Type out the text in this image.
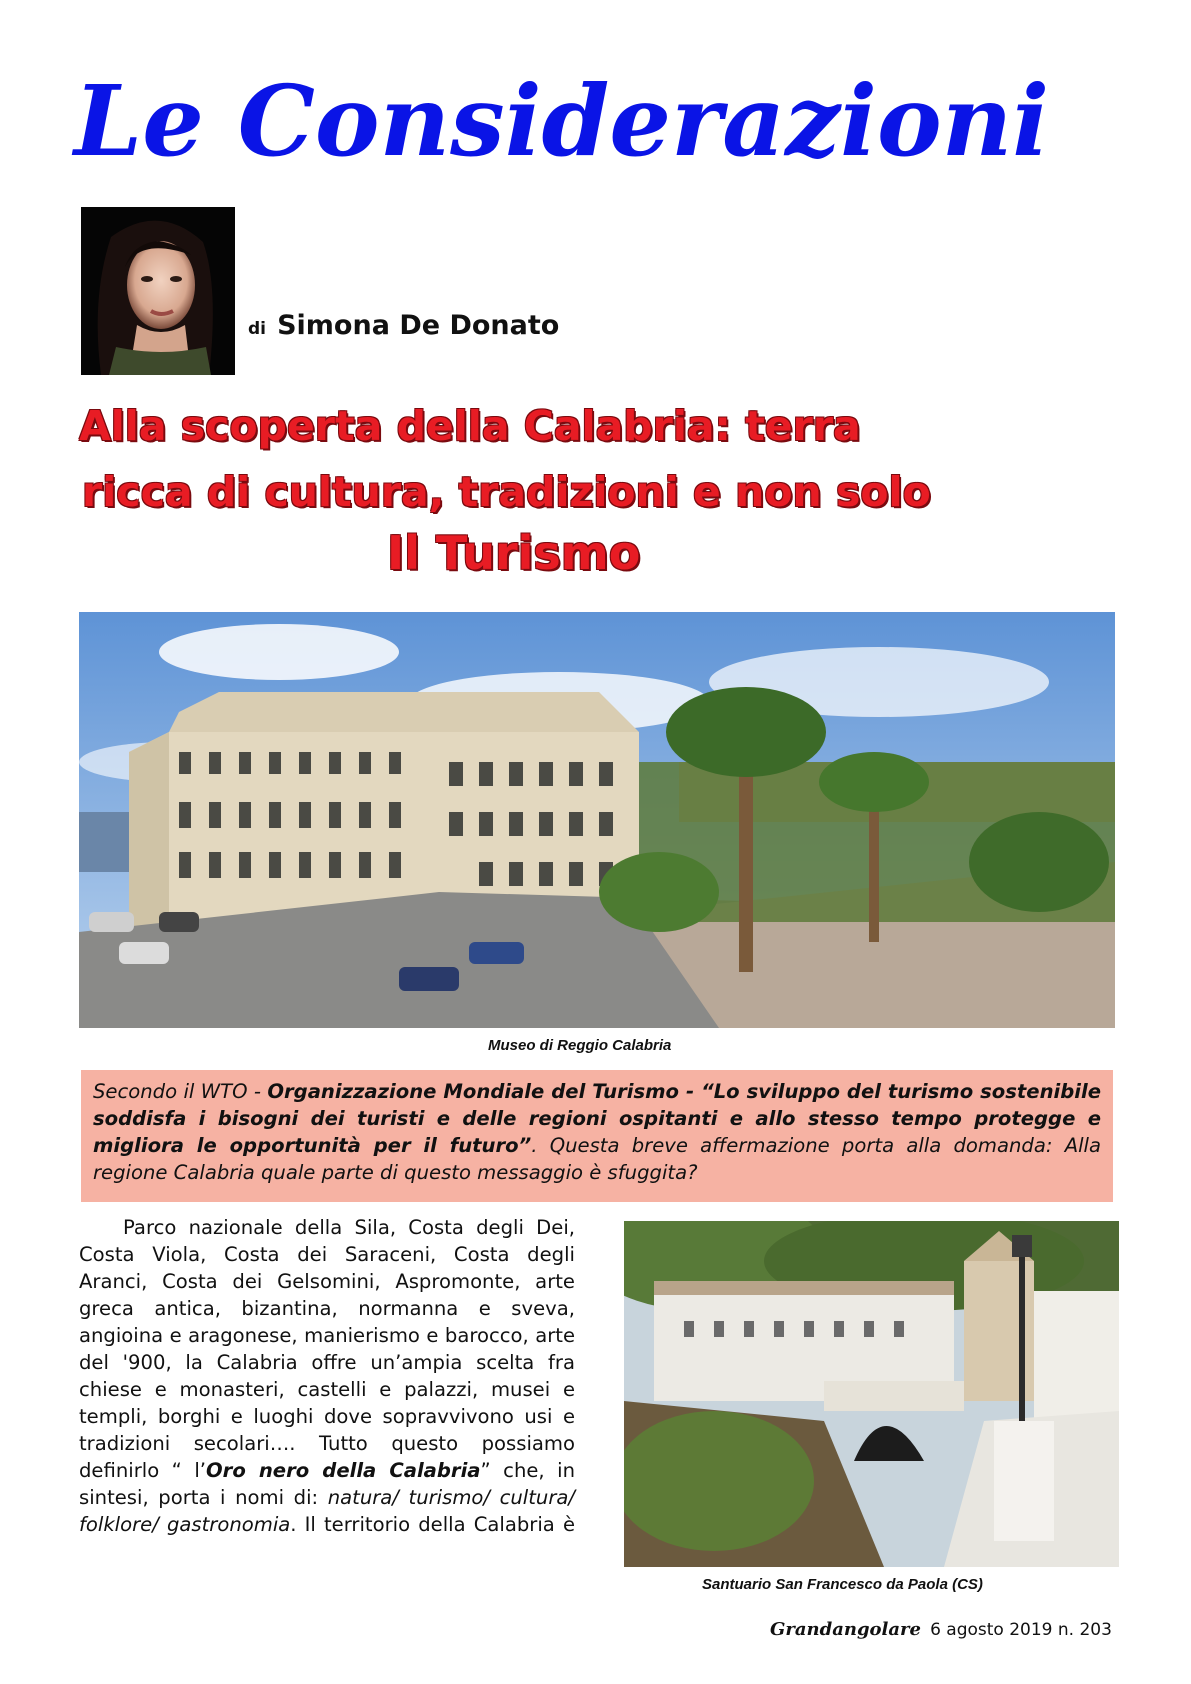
Le Considerazioni
di Simona De Donato
Alla scoperta della Calabria: terra
ricca di cultura, tradizioni e non solo
Il Turismo
Museo di Reggio Calabria
Secondo il WTO - Organizzazione Mondiale del Turismo - “Lo sviluppo del turismo sostenibile soddisfa i bisogni dei turisti e delle regioni ospitanti e allo stesso tempo protegge e migliora le opportunità per il futuro”. Questa breve affermazione porta alla domanda: Alla regione Calabria quale parte di questo messaggio è sfuggita?

Parco nazionale della Sila, Costa degli Dei, Costa Viola, Costa dei Saraceni, Costa degli Aranci, Costa dei Gelsomini, Aspromonte, arte greca antica, bizantina, normanna e sveva, angioina e aragonese, manierismo e barocco, arte del '900, la Calabria offre un’ampia scelta fra chiese e monasteri, castelli e palazzi, musei e templi, borghi e luoghi dove sopravvivono usi e tradizioni secolari…. Tutto questo possiamo definirlo “ l’Oro nero della Calabria” che, in sintesi, porta i nomi di: natura/ turismo/ cultura/ folklore/ gastronomia. Il territorio della Calabria è

Santuario San Francesco da Paola (CS)
Grandangolare 6 agosto 2019 n. 203
